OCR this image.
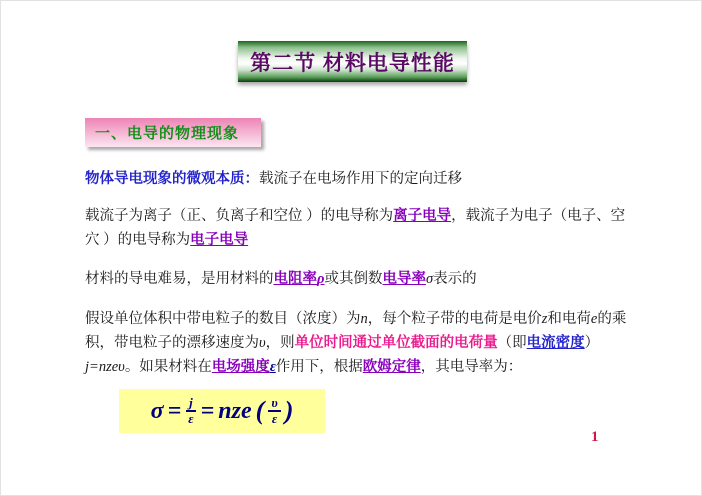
第二节 材料电导性能
一、电导的物理现象

物体导电现象的微观本质：载流子在电场作用下的定向迁移

载流子为离子（正、负离子和空位 ）的电导称为离子电导，载流子为电子（电子、空穴 ）的电导称为电子电导

材料的导电难易，是用材料的电阻率ρ或其倒数电导率σ表示的

假设单位体积中带电粒子的数目（浓度）为n，每个粒子带的电荷是电价z和电荷e的乘积，带电粒子的漂移速度为υ，则单位时间通过单位截面的电荷量（即电流密度）j=nzeυ。如果材料在电场强度ε作用下，根据欧姆定律，其电导率为：

$\sigma = \frac{j}{\varepsilon}$ = nze ( $\frac{\upsilon}{\varepsilon}$ )
1
